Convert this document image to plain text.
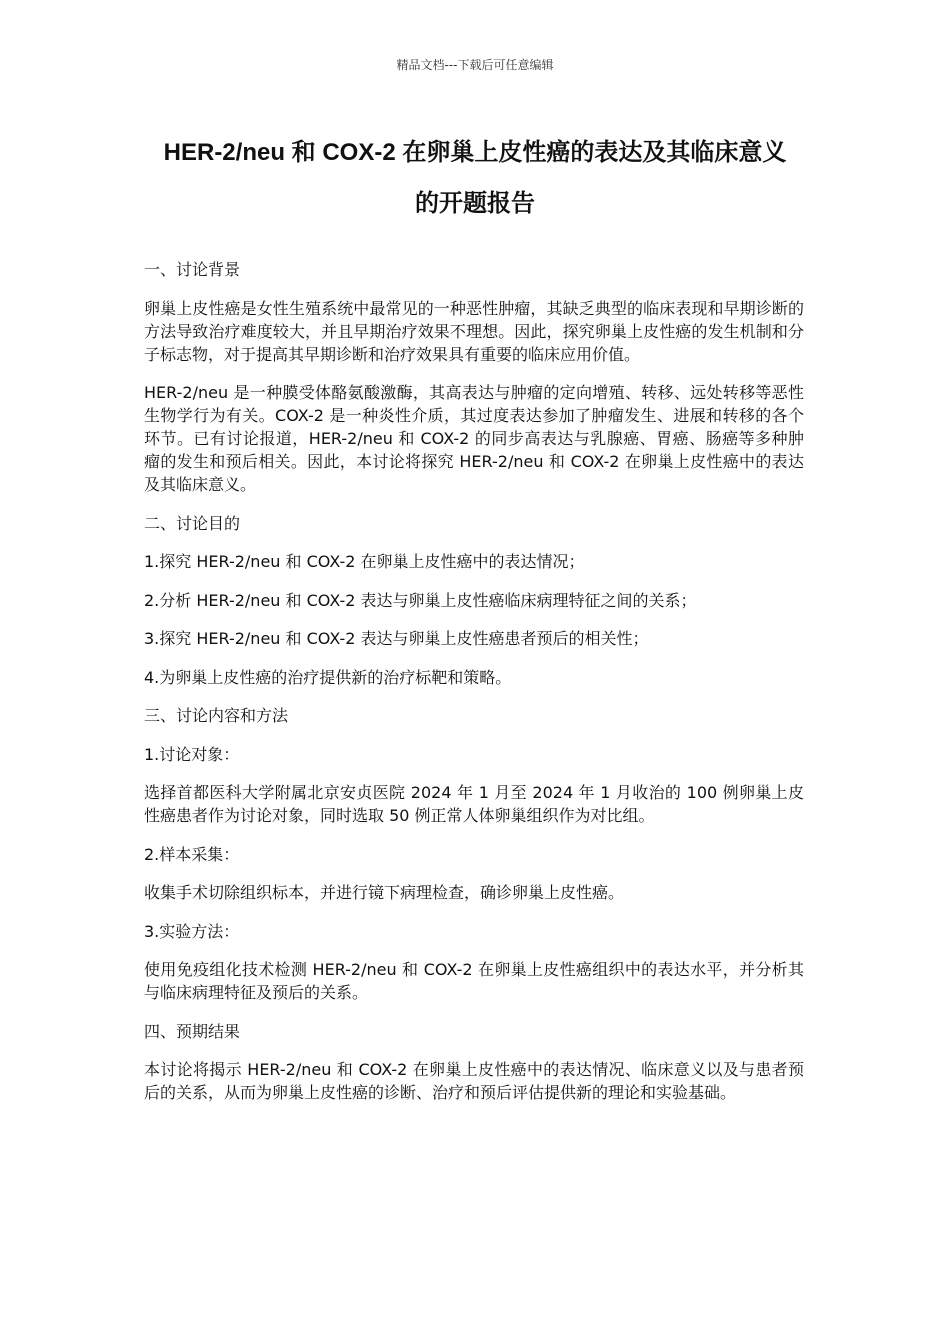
精品文档---下载后可任意编辑
HER-2/neu 和 COX-2 在卵巢上皮性癌的表达及其临床意义
的开题报告

一、讨论背景

卵巢上皮性癌是女性生殖系统中最常见的一种恶性肿瘤，其缺乏典型的临床表现和早期诊断的方法导致治疗难度较大，并且早期治疗效果不理想。因此，探究卵巢上皮性癌的发生机制和分子标志物，对于提高其早期诊断和治疗效果具有重要的临床应用价值。

HER-2/neu 是一种膜受体酪氨酸激酶，其高表达与肿瘤的定向增殖、转移、远处转移等恶性生物学行为有关。COX-2 是一种炎性介质，其过度表达参加了肿瘤发生、进展和转移的各个环节。已有讨论报道，HER-2/neu 和 COX-2 的同步高表达与乳腺癌、胃癌、肠癌等多种肿瘤的发生和预后相关。因此，本讨论将探究 HER-2/neu 和 COX-2 在卵巢上皮性癌中的表达及其临床意义。

二、讨论目的

1.探究 HER-2/neu 和 COX-2 在卵巢上皮性癌中的表达情况；

2.分析 HER-2/neu 和 COX-2 表达与卵巢上皮性癌临床病理特征之间的关系；

3.探究 HER-2/neu 和 COX-2 表达与卵巢上皮性癌患者预后的相关性；

4.为卵巢上皮性癌的治疗提供新的治疗标靶和策略。

三、讨论内容和方法

1.讨论对象：

选择首都医科大学附属北京安贞医院 2024 年 1 月至 2024 年 1 月收治的 100 例卵巢上皮性癌患者作为讨论对象，同时选取 50 例正常人体卵巢组织作为对比组。

2.样本采集：

收集手术切除组织标本，并进行镜下病理检查，确诊卵巢上皮性癌。

3.实验方法：

使用免疫组化技术检测 HER-2/neu 和 COX-2 在卵巢上皮性癌组织中的表达水平，并分析其与临床病理特征及预后的关系。

四、预期结果

本讨论将揭示 HER-2/neu 和 COX-2 在卵巢上皮性癌中的表达情况、临床意义以及与患者预后的关系，从而为卵巢上皮性癌的诊断、治疗和预后评估提供新的理论和实验基础。
